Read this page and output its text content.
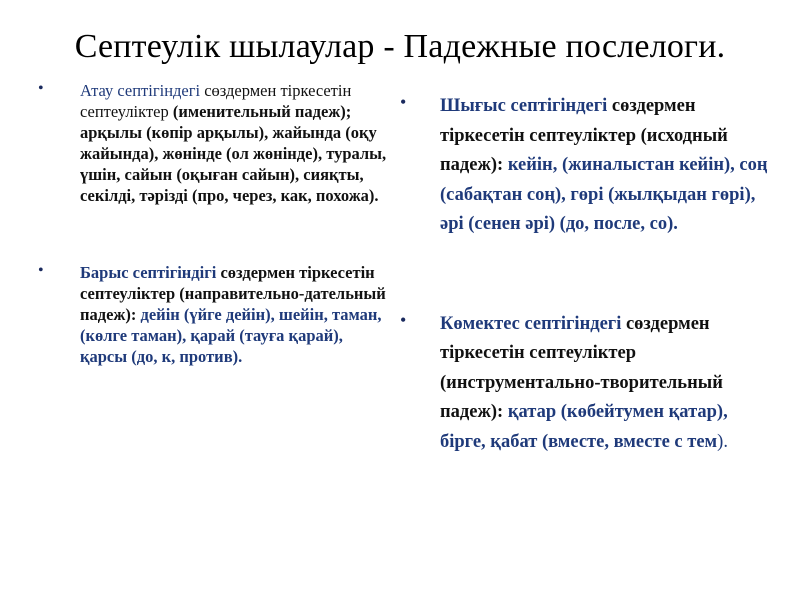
Септеулік шылаулар - Падежные послелоги.
• Атау септігіндегі сөздермен тіркесетін септеуліктер (именительный падеж); арқылы (көпір арқылы), жайында (оқу жайында), жөнінде (ол жөнінде), туралы, үшін, сайын (оқыған сайын), сияқты, секілді, тәрізді (про, через, как, похожа).
• Барыс септігіндігі сөздермен тіркесетін септеуліктер (направительно-дательный падеж): дейін (үйге дейін), шейін, таман, (көлге таман), қарай (тауға қарай), қарсы (до, к, против).
• Шығыс септігіндегі сөздермен тіркесетін септеуліктер (исходный падеж): кейін, (жиналыстан кейін), соң (сабақтан соң), гөрі (жылқыдан гөрі), әрі (сенен әрі) (до, после, со).
• Көмектес септігіндегі сөздермен тіркесетін септеуліктер (инструментально-творительный падеж): қатар (көбейтумен қатар), бірге, қабат (вместе, вместе с тем).
